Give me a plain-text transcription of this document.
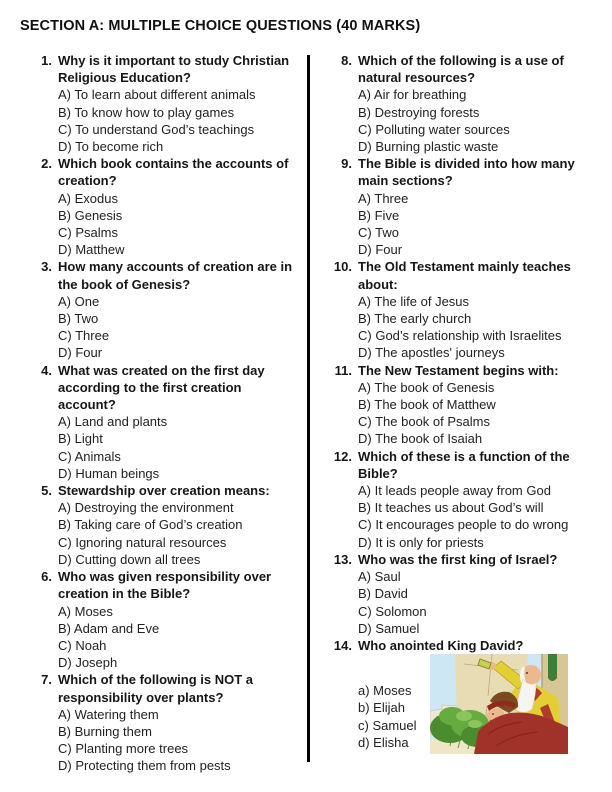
SECTION A: MULTIPLE CHOICE QUESTIONS (40 MARKS)
1. Why is it important to study Christian Religious Education?
A) To learn about different animals
B) To know how to play games
C) To understand God’s teachings
D) To become rich
2. Which book contains the accounts of creation?
A) Exodus
B) Genesis
C) Psalms
D) Matthew
3. How many accounts of creation are in the book of Genesis?
A) One
B) Two
C) Three
D) Four
4. What was created on the first day according to the first creation account?
A) Land and plants
B) Light
C) Animals
D) Human beings
5. Stewardship over creation means:
A) Destroying the environment
B) Taking care of God’s creation
C) Ignoring natural resources
D) Cutting down all trees
6. Who was given responsibility over creation in the Bible?
A) Moses
B) Adam and Eve
C) Noah
D) Joseph
7. Which of the following is NOT a responsibility over plants?
A) Watering them
B) Burning them
C) Planting more trees
D) Protecting them from pests
8. Which of the following is a use of natural resources?
A) Air for breathing
B) Destroying forests
C) Polluting water sources
D) Burning plastic waste
9. The Bible is divided into how many main sections?
A) Three
B) Five
C) Two
D) Four
10. The Old Testament mainly teaches about:
A) The life of Jesus
B) The early church
C) God’s relationship with Israelites
D) The apostles' journeys
11. The New Testament begins with:
A) The book of Genesis
B) The book of Matthew
C) The book of Psalms
D) The book of Isaiah
12. Which of these is a function of the Bible?
A) It leads people away from God
B) It teaches us about God’s will
C) It encourages people to do wrong
D) It is only for priests
13. Who was the first king of Israel?
A) Saul
B) David
C) Solomon
D) Samuel
14. Who anointed King David?
a) Moses
b) Elijah
c) Samuel
d) Elisha
